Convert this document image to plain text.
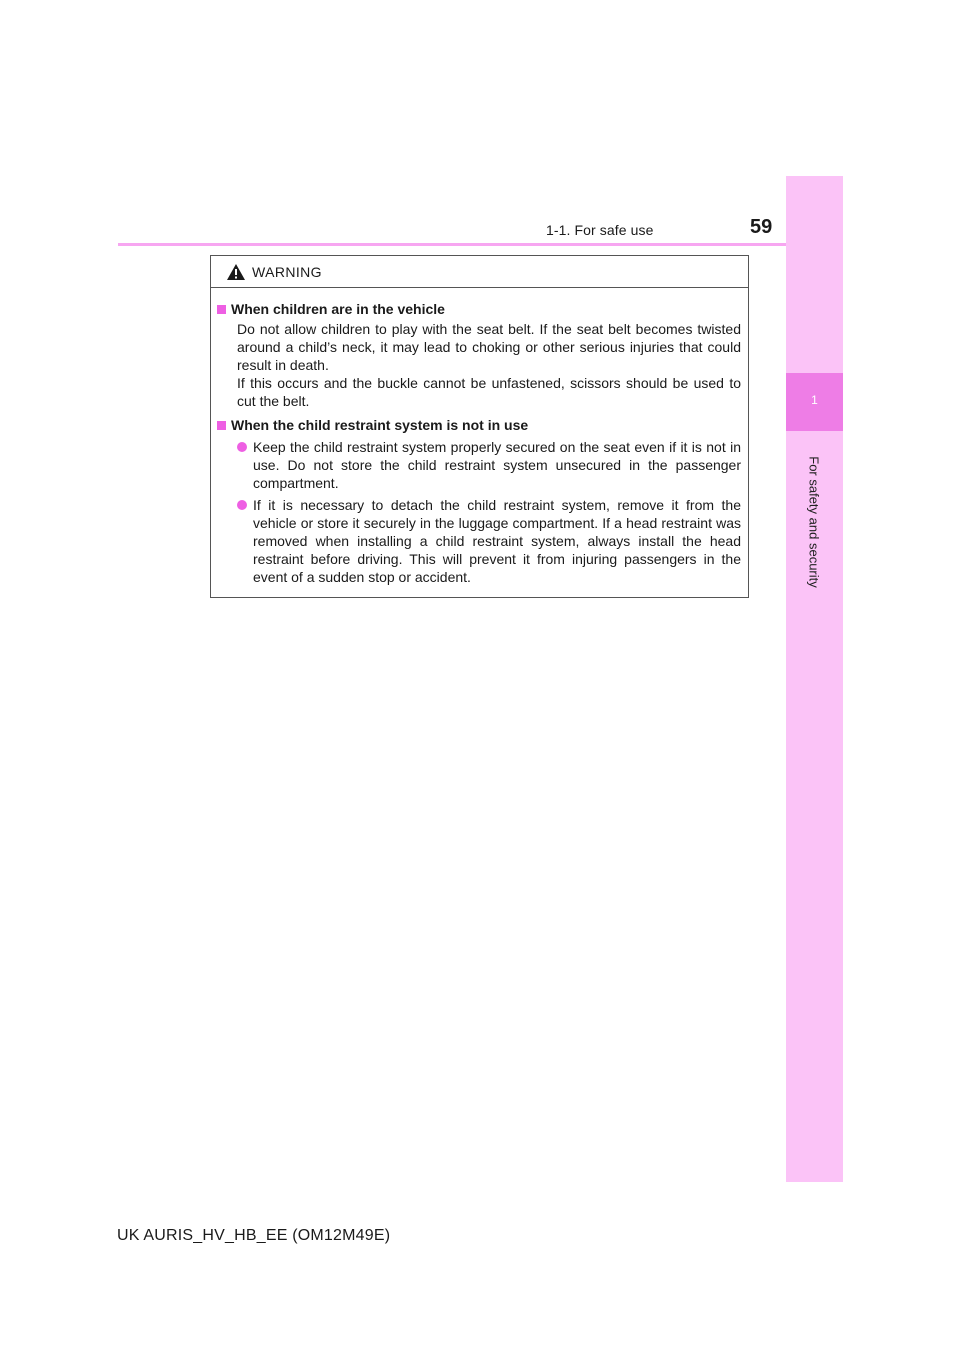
1-1. For safe use	59
1
For safety and security
WARNING
When children are in the vehicle

Do not allow children to play with the seat belt. If the seat belt becomes twisted around a child’s neck, it may lead to choking or other serious injuries that could result in death.

If this occurs and the buckle cannot be unfastened, scissors should be used to cut the belt.

When the child restraint system is not in use
Keep the child restraint system properly secured on the seat even if it is not in use. Do not store the child restraint system unsecured in the passenger compartment.
If it is necessary to detach the child restraint system, remove it from the vehicle or store it securely in the luggage compartment. If a head restraint was removed when installing a child restraint system, always install the head restraint before driving. This will prevent it from injuring passengers in the event of a sudden stop or accident.
UK AURIS_HV_HB_EE (OM12M49E)
